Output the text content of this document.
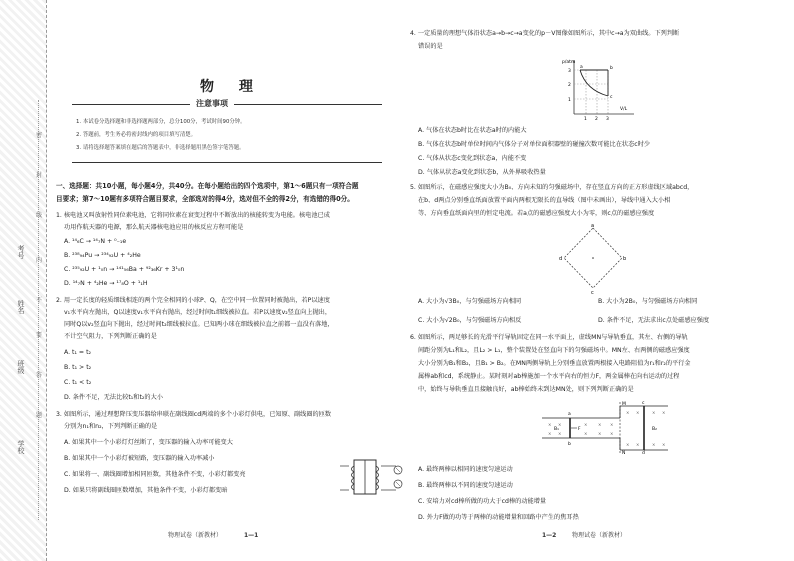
考号
姓名
班级
学校
密
封
线
内
不
要
答
题
物 理
注意事项
1. 本试卷分选择题和非选择题两部分，总分100分，考试时间90分钟。
2. 答题前，考生务必将密封线内的项目填写清楚。
3. 请将选择题答案填在题后的答题表中，非选择题用黑色签字笔答题。
一、选择题：共10小题，每小题4分，共40分。在每小题给出的四个选项中，第1～6题只有一项符合题
目要求；第7～10题有多项符合题目要求，全部选对的得4分，选对但不全的得2分，有选错的得0分。
1. 核电池又叫放射性同位素电池，它将同位素在衰变过程中不断放出的核能转变为电能。核电池已成
功用作航天器的电源，那么航天器核电池应用的核反应方程可能是
A. ¹⁴₆C → ¹⁴₇N + ⁰₋₁e
B. ²³⁸₉₄Pu → ²³⁴₉₂U + ⁴₂He
C. ²³⁵₉₂U + ¹₀n → ¹⁴¹₅₆Ba + ⁹²₃₆Kr + 3¹₀n
D. ¹⁴₇N + ⁴₂He → ¹⁷₈O + ¹₁H
2. 用一定长度的轻质细线相连的两个完全相同的小球P、Q，在空中同一位置同时被抛出，若P以速度
v₁水平向左抛出，Q以速度v₁水平向右抛出，经过时间t₁细线被拉直。若P以速度v₂竖直向上抛出，
同时Q以v₂竖直向下抛出，经过时间t₂细线被拉直。已知两小球在细线被拉直之前都一直没有落地，
不计空气阻力，下列判断正确的是
A. t₁ = t₂
B. t₁ > t₂
C. t₁ < t₂
D. 条件不足，无法比较t₁和t₂的大小
3. 如图所示，通过理想降压变压器给串联在副线圈cd两端的多个小彩灯供电，已知原、副线圈的匝数
分别为n₁和n₂，下列判断正确的是
A. 如果其中一个小彩灯灯丝断了，变压器的输入功率可能变大
B. 如果其中一个小彩灯被短路，变压器的输入功率减小
C. 如果将一、副线圈增加相同匝数，其他条件不变，小彩灯都变亮
D. 如果只将副线圈匝数增加，其他条件不变，小彩灯都变暗
物理试卷（新教材）	1—1
4. 一定质量的理想气体沿状态a→b→c→a变化的p－V图像如图所示，其中c→a为双曲线。下列判断
错误的是
p/atm
V/L
3
2
1
1 2 3
a	b
c
A. 气体在状态b时比在状态a时的内能大
B. 气体在状态b时单位时间内气体分子对单位面积器壁的碰撞次数可能比在状态c时少
C. 气体从状态c变化到状态a，内能不变
D. 气体从状态a变化到状态b，从外界吸收热量
5. 如图所示，在磁感应强度大小为B₀、方向未知的匀强磁场中，存在竖直方向的正方形虚线区域abcd，
在b、d两点分别垂直纸面放置平面内两根无限长的直导线（图中未画出），导线中通入大小相
等、方向垂直纸面向里的恒定电流。若a点的磁感应强度大小为零，则c点的磁感应强度
a
b
c
d
A. 大小为√3B₀，与匀强磁场方向相同	B. 大小为2B₀，与匀强磁场方向相同
C. 大小为√2B₀，与匀强磁场方向相反	D. 条件不足，无法求出c点处磁感应强度
6. 如图所示，两足够长的光滑平行导轨固定在同一水平面上，虚线MN与导轨垂直，其左、右侧的导轨
间距分别为L₁和L₂，且L₂ > L₁，整个装置处在竖直向下的匀强磁场中。MN左、右两侧的磁感应强度
大小分别为B₁和B₂，且B₁ > B₂。在MN两侧导轨上分别垂直放置两根接入电路阻值为r₁和r₂的平行金
属棒ab和cd，系统静止。某时刻对ab棒施加一个水平向右的恒力F，两金属棒在向右运动的过程
中，始终与导轨垂直且接触良好，ab棒始终未到达MN处，则下列判断正确的是
× ×	×	× ×
× ×	×	× ×
× ×	× ×
× ×	× ×
a
b
c
d
M
N
F
B₁	B₂
A. 最终两棒以相同的速度匀速运动
B. 最终两棒以不同的速度匀速运动
C. 安培力对cd棒所做的功大于cd棒的动能增量
D. 外力F做的功等于两棒的动能增量和回路中产生的焦耳热
1—2	物理试卷（新教材）
